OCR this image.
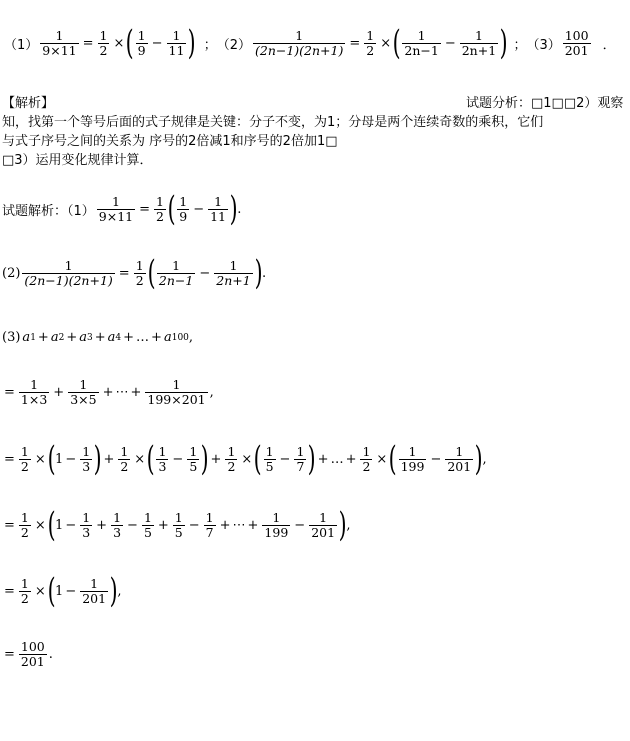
$(1) \frac{1}{9\times 11} = \frac{1}{2}$ × ( $\frac{1}{9} - \frac{1}{11}$ ) ； $(2) \frac{1}{(2n-1)(2n+1)} = \frac{1}{2}$ × ( $\frac{1}{2n-1} - \frac{1}{2n+1}$ ) ； $(3) \frac{100}{201}$ ．
【解析】	试题分析：□1□□2）观察
知，找第一个等号后面的式子规律是关键：分子不变，为1；分母是两个连续奇数的乘积，它们
与式子序号之间的关系为 序号的2倍减1和序号的2倍加1□
□3）运用变化规律计算．
试题解析：$(1) \frac{1}{9\times 11} = \frac{1}{2}$ ( $\frac{1}{9} - \frac{1}{11}$ ) .
$(2) \frac{1}{(2n-1)(2n+1)} = \frac{1}{2}$ ( $\frac{1}{2n-1} - \frac{1}{2n+1}$ ) .
(3) a 1 + a 2 + a 3 + a 4 + … + a 100 ,
= $\frac{1}{1\times 3} + \frac{1}{3\times 5}$ + ⋯ + $\frac{1}{199\times 201}$ ,
= $\frac{1}{2}$ × ( $1 - \frac{1}{3}$ ) + $\frac{1}{2}$ × ( $\frac{1}{3} - \frac{1}{5}$ ) + $\frac{1}{2}$ × ( $\frac{1}{5} - \frac{1}{7}$ ) + … + $\frac{1}{2}$ × ( $\frac{1}{199} - \frac{1}{201}$ ) ,
= $\frac{1}{2}$ × ( $1 - \frac{1}{3} + \frac{1}{3} - \frac{1}{5} + \frac{1}{5} - \frac{1}{7}$ + ⋯ + $\frac{1}{199} - \frac{1}{201}$ ) ,
= $\frac{1}{2}$ × ( $1 - \frac{1}{201}$ ) ,
= $\frac{100}{201}$ .
